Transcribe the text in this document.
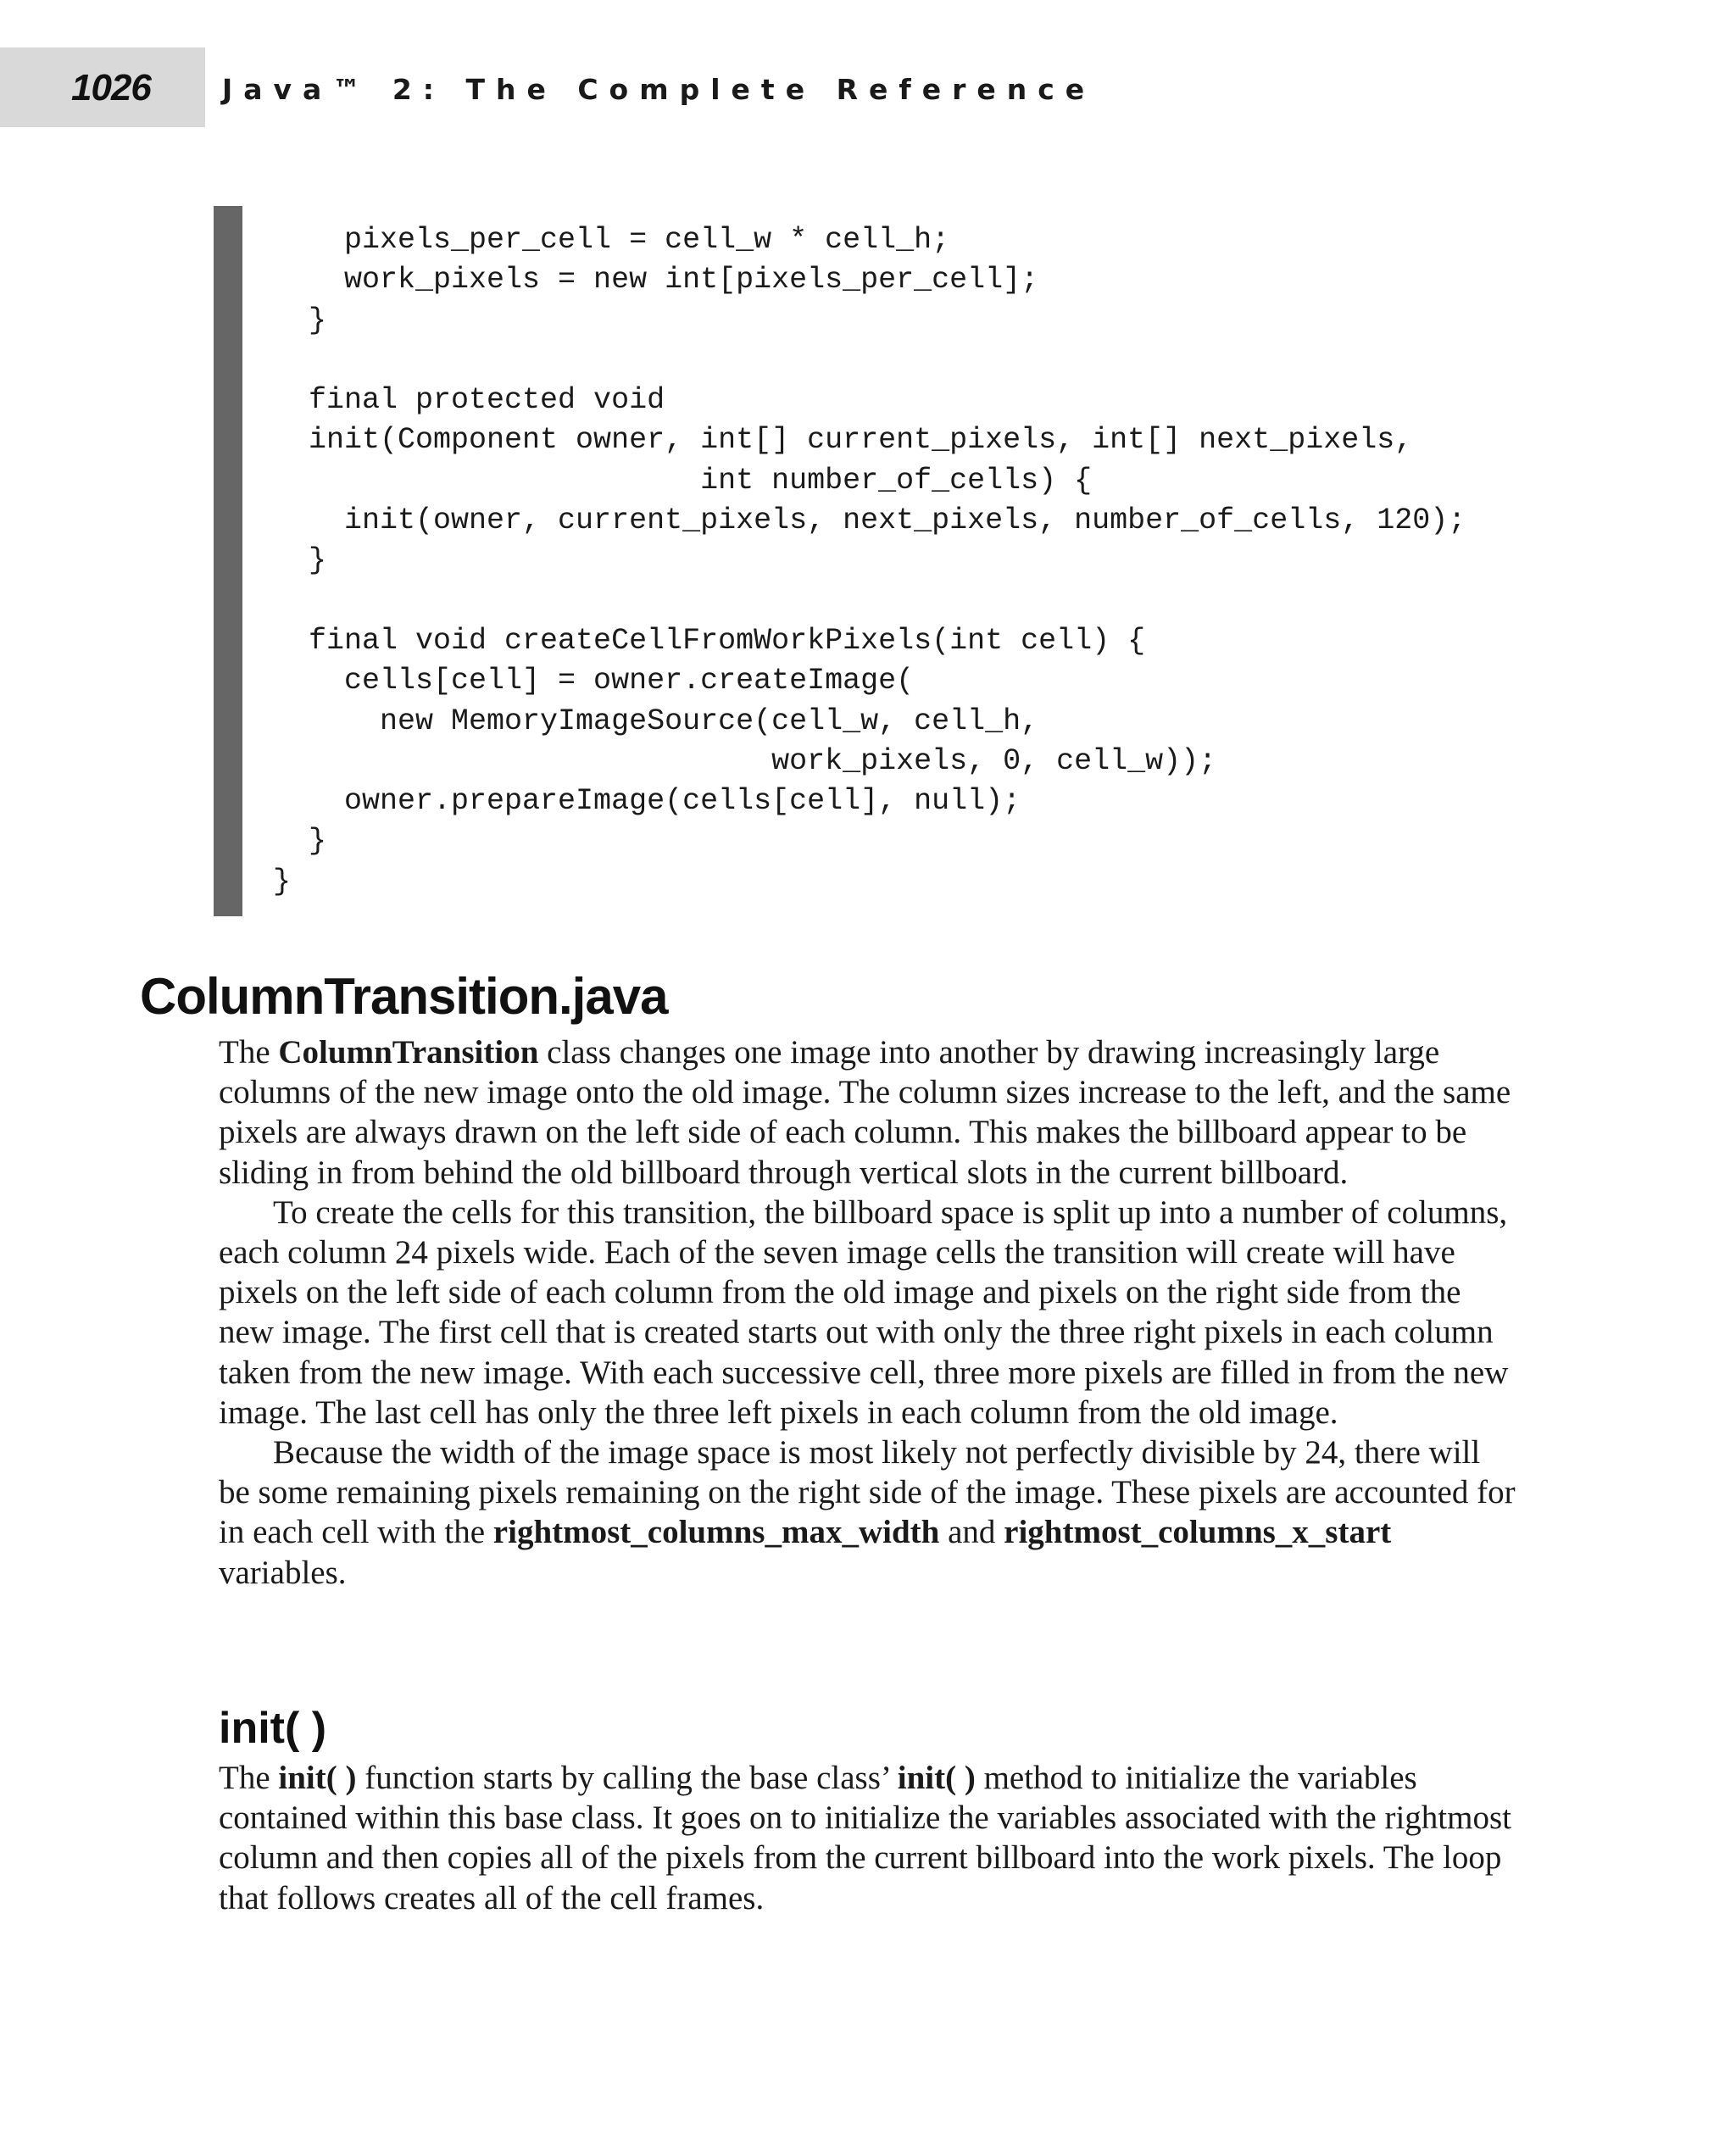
1026	Java™ 2: The Complete Reference
pixels_per_cell = cell_w * cell_h;
work_pixels = new int[pixels_per_cell];
}

final protected void
init(Component owner, int[] current_pixels, int[] next_pixels,
int number_of_cells) {
init(owner, current_pixels, next_pixels, number_of_cells, 120);
}

final void createCellFromWorkPixels(int cell) {
cells[cell] = owner.createImage(
new MemoryImageSource(cell_w, cell_h,
work_pixels, 0, cell_w));
owner.prepareImage(cells[cell], null);
}
}
ColumnTransition.java

The ColumnTransition class changes one image into another by drawing increasingly large columns of the new image onto the old image. The column sizes increase to the left, and the same pixels are always drawn on the left side of each column. This makes the billboard appear to be sliding in from behind the old billboard through vertical slots in the current billboard.

To create the cells for this transition, the billboard space is split up into a number of columns, each column 24 pixels wide. Each of the seven image cells the transition will create will have pixels on the left side of each column from the old image and pixels on the right side from the new image. The first cell that is created starts out with only the three right pixels in each column taken from the new image. With each successive cell, three more pixels are filled in from the new image. The last cell has only the three left pixels in each column from the old image.

Because the width of the image space is most likely not perfectly divisible by 24, there will be some remaining pixels remaining on the right side of the image. These pixels are accounted for in each cell with the rightmost_columns_max_width and rightmost_columns_x_start variables.

init( )

The init( ) function starts by calling the base class’ init( ) method to initialize the variables contained within this base class. It goes on to initialize the variables associated with the rightmost column and then copies all of the pixels from the current billboard into the work pixels. The loop that follows creates all of the cell frames.
